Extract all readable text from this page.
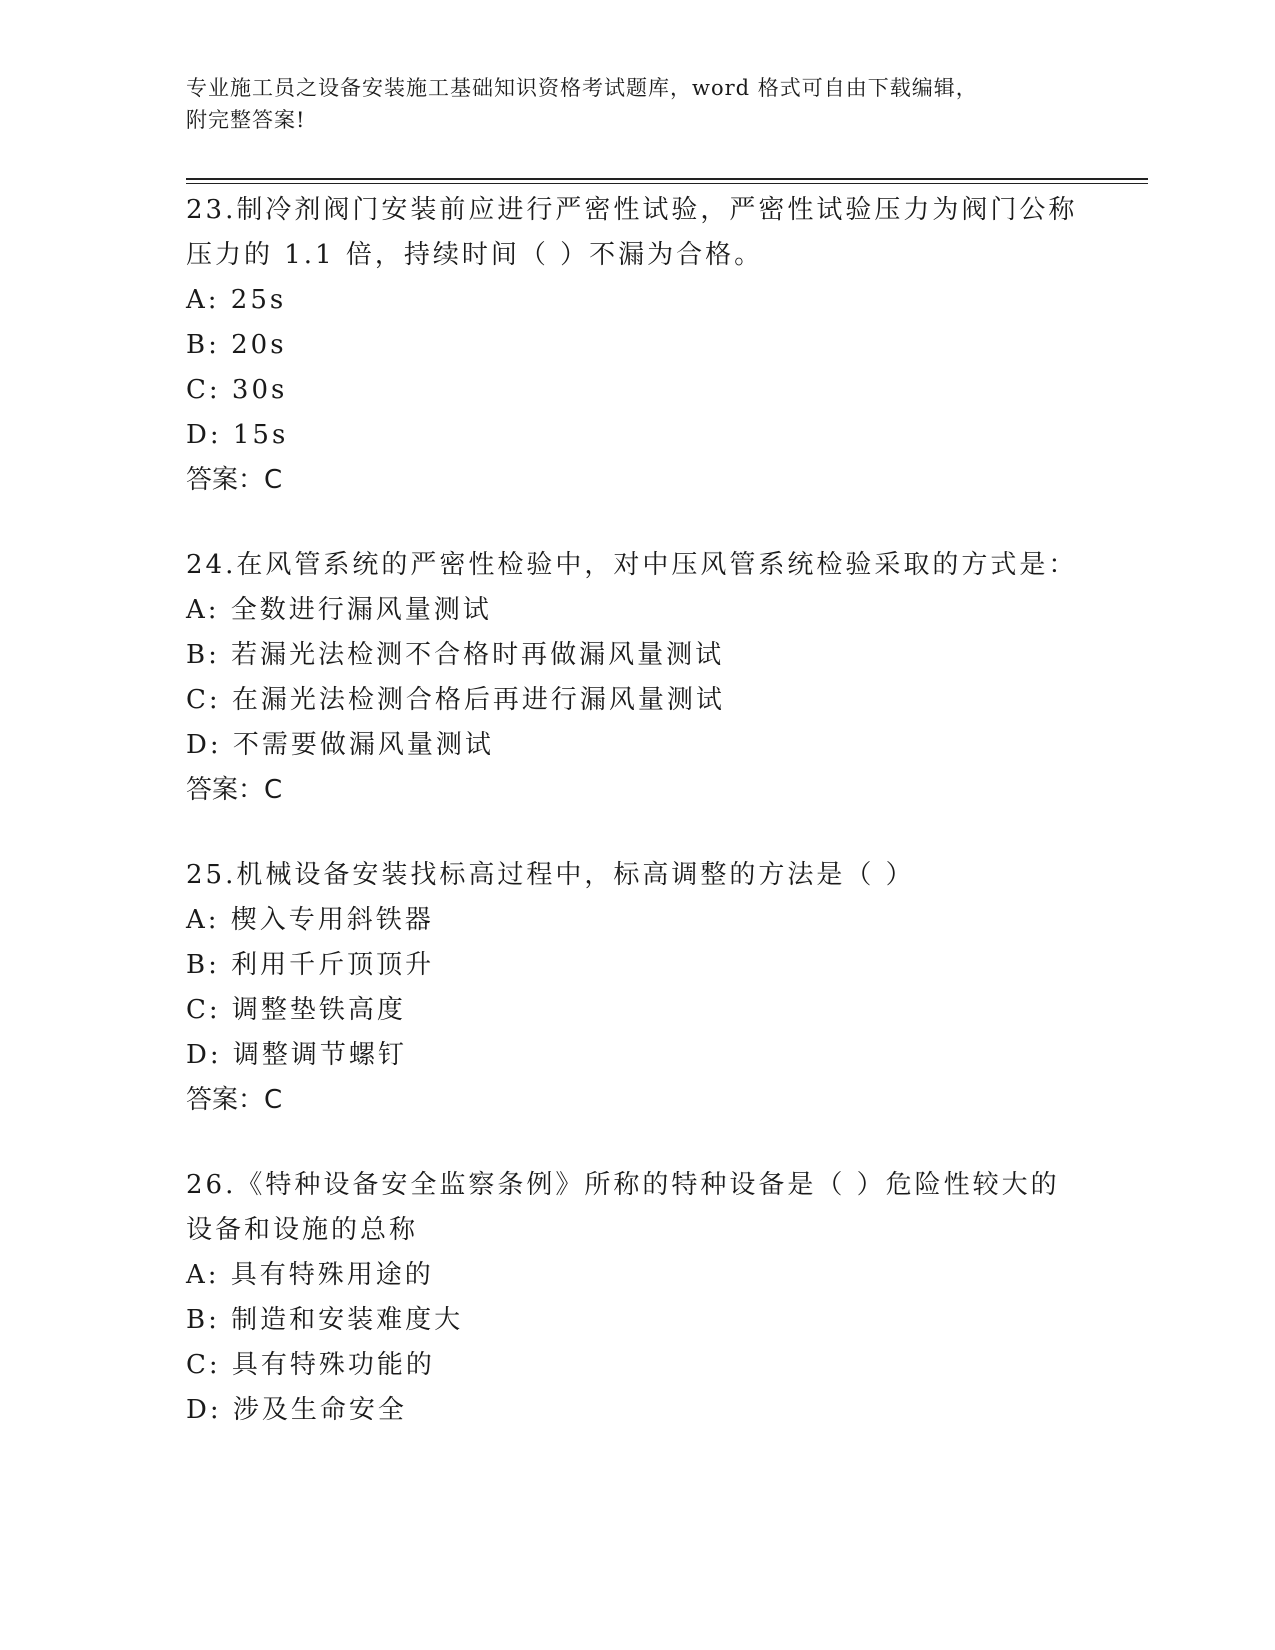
专业施工员之设备安装施工基础知识资格考试题库，word 格式可自由下载编辑，
附完整答案!
23.制冷剂阀门安装前应进行严密性试验，严密性试验压力为阀门公称压力的 1.1 倍，持续时间（ ）不漏为合格。
A: 25s
B: 20s
C: 30s
D: 15s
答案：C
24.在风管系统的严密性检验中，对中压风管系统检验采取的方式是：
A: 全数进行漏风量测试
B: 若漏光法检测不合格时再做漏风量测试
C: 在漏光法检测合格后再进行漏风量测试
D: 不需要做漏风量测试
答案：C
25.机械设备安装找标高过程中，标高调整的方法是（ ）
A: 楔入专用斜铁器
B: 利用千斤顶顶升
C: 调整垫铁高度
D: 调整调节螺钉
答案：C
26.《特种设备安全监察条例》所称的特种设备是（ ）危险性较大的设备和设施的总称
A: 具有特殊用途的
B: 制造和安装难度大
C: 具有特殊功能的
D: 涉及生命安全
